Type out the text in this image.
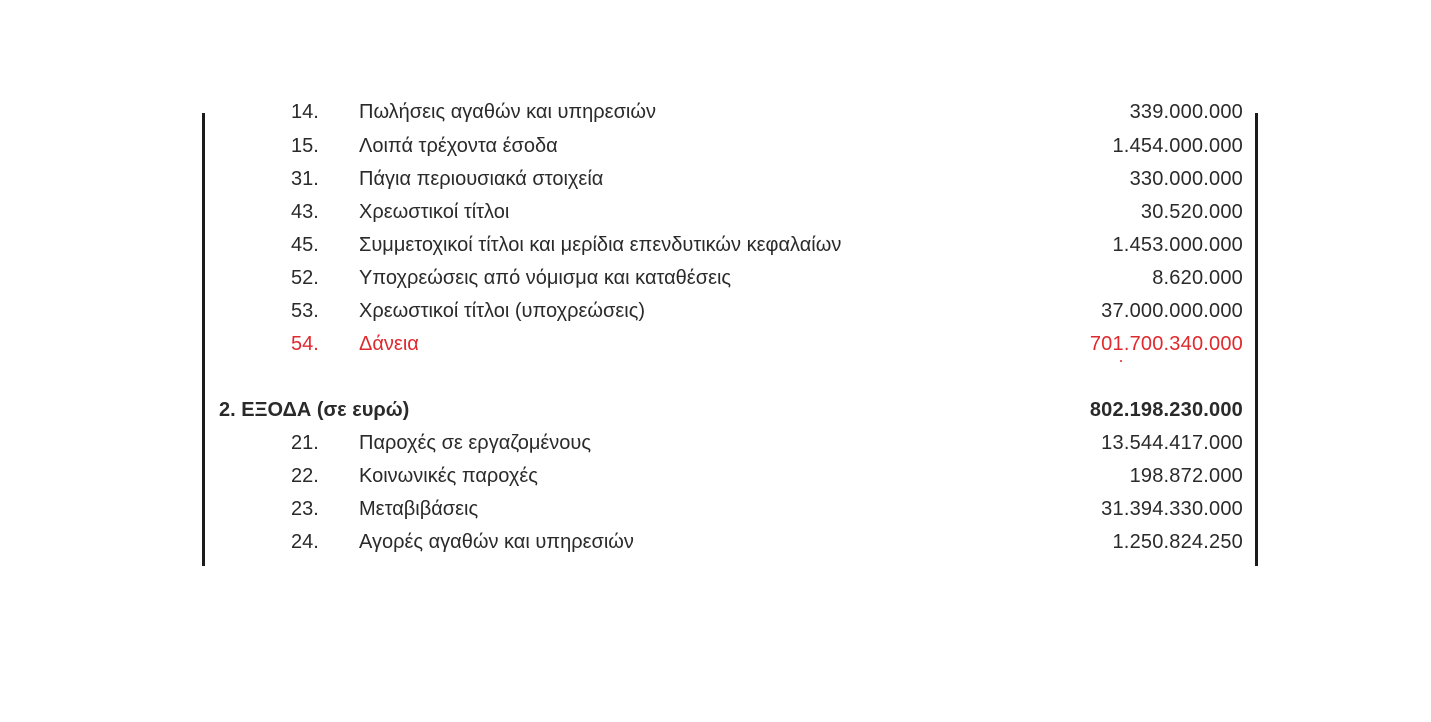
14.	Πωλήσεις αγαθών και υπηρεσιών	339.000.000
15.	Λοιπά τρέχοντα έσοδα	1.454.000.000
31.	Πάγια περιουσιακά στοιχεία	330.000.000
43.	Χρεωστικοί τίτλοι	30.520.000
45.	Συμμετοχικοί τίτλοι και μερίδια επενδυτικών κεφαλαίων	1.453.000.000
52.	Υποχρεώσεις από νόμισμα και καταθέσεις	8.620.000
53.	Χρεωστικοί τίτλοι (υποχρεώσεις)	37.000.000.000
54.	Δάνεια	701.700.340.000
2. ΕΞΟΔΑ (σε ευρώ)	802.198.230.000
21.	Παροχές σε εργαζομένους	13.544.417.000
22.	Κοινωνικές παροχές	198.872.000
23.	Μεταβιβάσεις	31.394.330.000
24.	Αγορές αγαθών και υπηρεσιών	1.250.824.250
